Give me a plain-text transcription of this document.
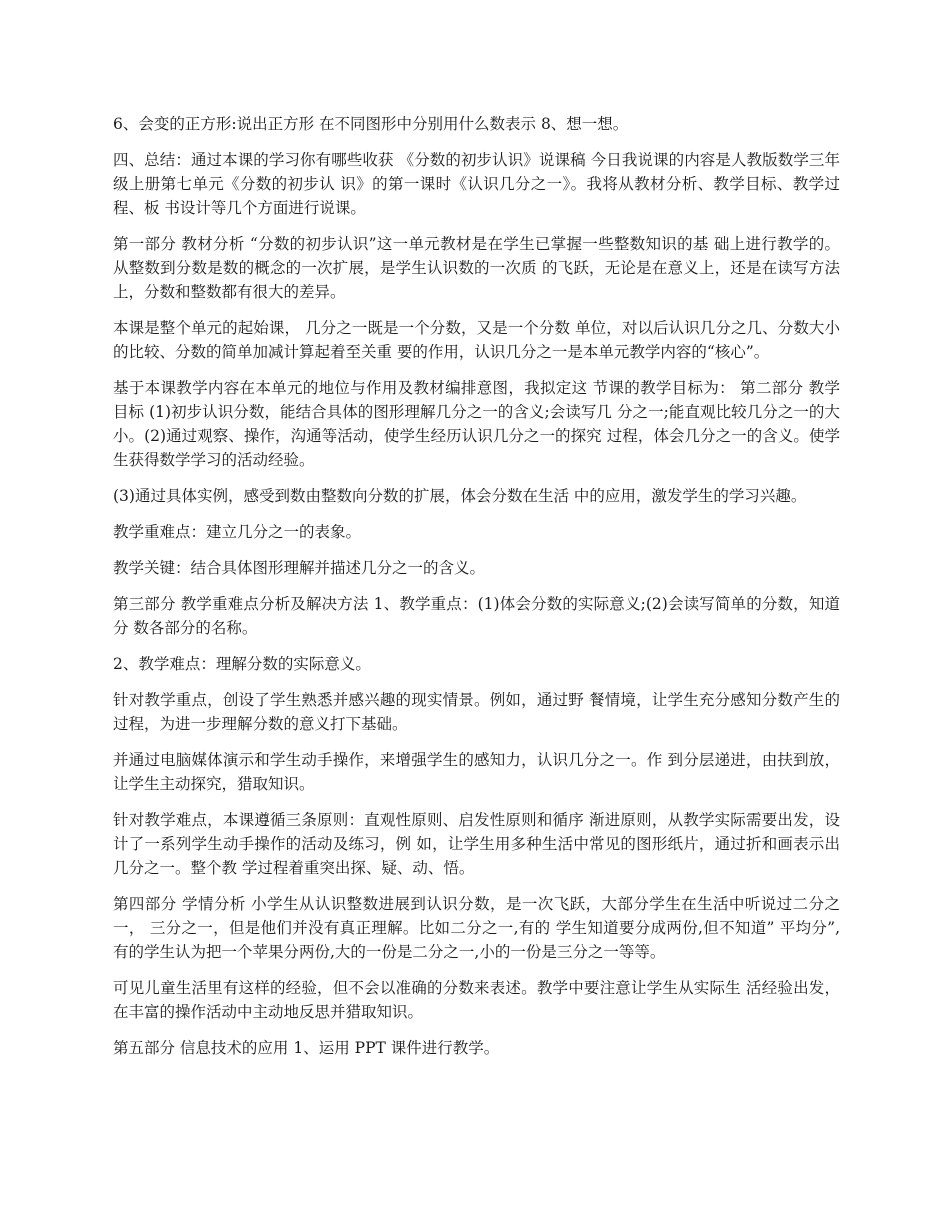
6、会变的正方形:说出正方形 在不同图形中分别用什么数表示 8、想一想。

四、总结：通过本课的学习你有哪些收获 《分数的初步认识》说课稿 今日我说课的内容是人教版数学三年级上册第七单元《分数的初步认 识》的第一课时《认识几分之一》。我将从教材分析、教学目标、教学过程、板 书设计等几个方面进行说课。

第一部分 教材分析 “分数的初步认识”这一单元教材是在学生已掌握一些整数知识的基 础上进行教学的。从整数到分数是数的概念的一次扩展，是学生认识数的一次质 的飞跃，无论是在意义上，还是在读写方法上，分数和整数都有很大的差异。

本课是整个单元的起始课， 几分之一既是一个分数，又是一个分数 单位，对以后认识几分之几、分数大小的比较、分数的简单加减计算起着至关重 要的作用，认识几分之一是本单元教学内容的“核心”。

基于本课教学内容在本单元的地位与作用及教材编排意图，我拟定这 节课的教学目标为： 第二部分 教学目标 (1)初步认识分数，能结合具体的图形理解几分之一的含义;会读写几 分之一;能直观比较几分之一的大小。(2)通过观察、操作，沟通等活动，使学生经历认识几分之一的探究 过程，体会几分之一的含义。使学生获得数学学习的活动经验。

(3)通过具体实例，感受到数由整数向分数的扩展，体会分数在生活 中的应用，激发学生的学习兴趣。

教学重难点：建立几分之一的表象。

教学关键：结合具体图形理解并描述几分之一的含义。

第三部分 教学重难点分析及解决方法 1、教学重点：(1)体会分数的实际意义;(2)会读写简单的分数，知道分 数各部分的名称。

2、教学难点：理解分数的实际意义。

针对教学重点，创设了学生熟悉并感兴趣的现实情景。例如，通过野 餐情境，让学生充分感知分数产生的过程，为进一步理解分数的意义打下基础。

并通过电脑媒体演示和学生动手操作，来增强学生的感知力，认识几分之一。作 到分层递进，由扶到放，让学生主动探究，猎取知识。

针对教学难点，本课遵循三条原则：直观性原则、启发性原则和循序 渐进原则，从教学实际需要出发，设计了一系列学生动手操作的活动及练习，例 如，让学生用多种生活中常见的图形纸片，通过折和画表示出几分之一。整个教 学过程着重突出探、疑、动、悟。

第四部分 学情分析 小学生从认识整数进展到认识分数，是一次飞跃，大部分学生在生活中听说过二分之一， 三分之一，但是他们并没有真正理解。比如二分之一,有的 学生知道要分成两份,但不知道” 平均分”,有的学生认为把一个苹果分两份,大的一份是二分之一,小的一份是三分之一等等。

可见儿童生活里有这样的经验，但不会以准确的分数来表述。教学中要注意让学生从实际生 活经验出发，在丰富的操作活动中主动地反思并猎取知识。

第五部分 信息技术的应用 1、运用 PPT 课件进行教学。
